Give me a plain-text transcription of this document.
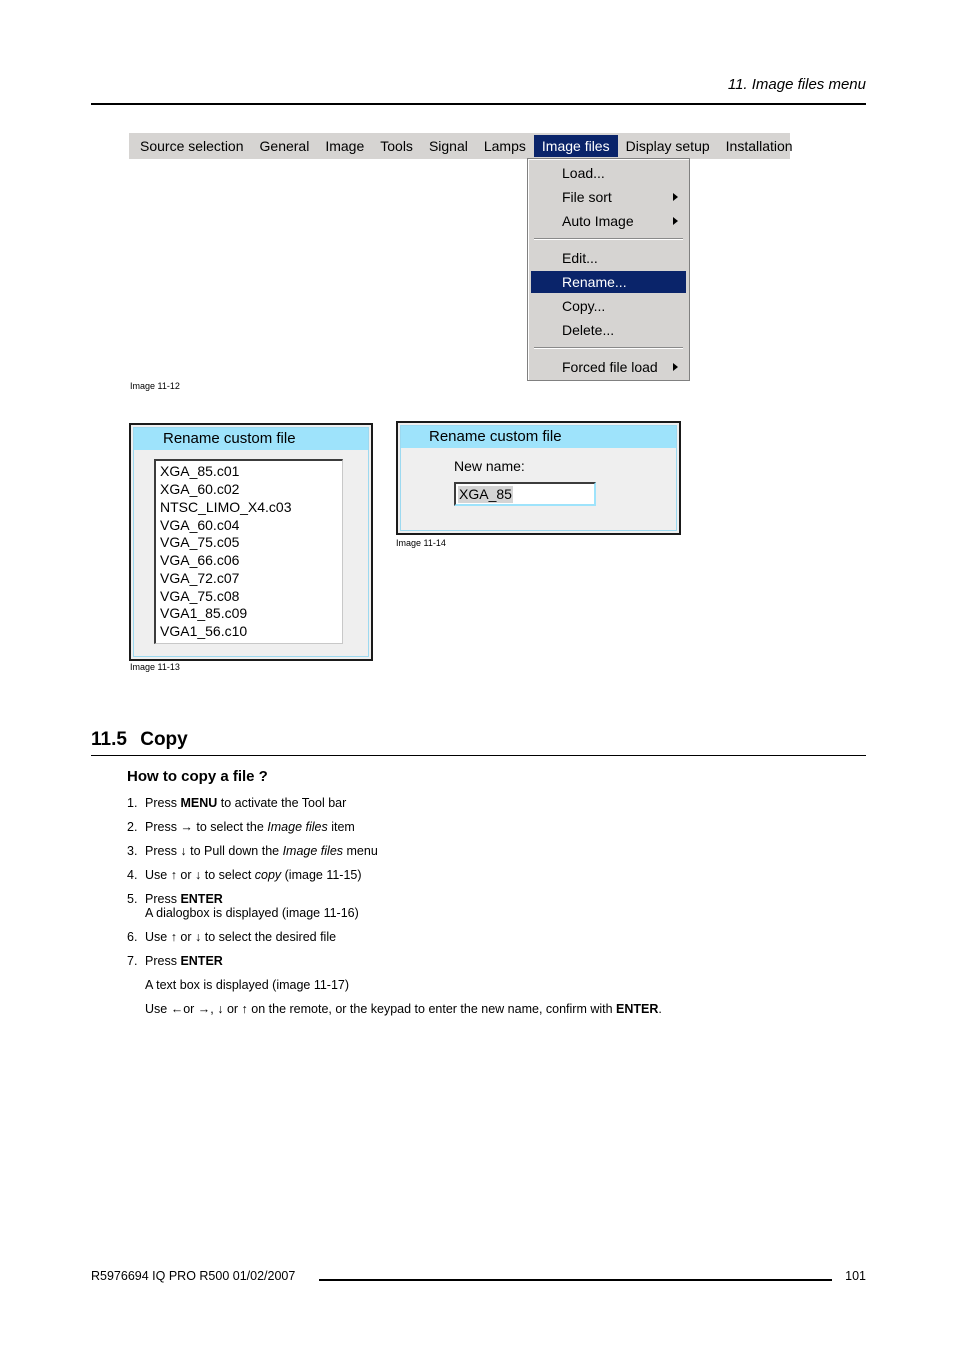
11. Image files menu
Source selection	General	Image	Tools	Signal	Lamps	Image files	Display setup	Installation
Load...
File sort
Auto Image
Edit...
Rename...
Copy...
Delete...
Forced file load
Image 11-12
Rename custom file
XGA_85.c01
XGA_60.c02
NTSC_LIMO_X4.c03
VGA_60.c04
VGA_75.c05
VGA_66.c06
VGA_72.c07
VGA_75.c08
VGA1_85.c09
VGA1_56.c10
Image 11-13
Rename custom file
New name:
XGA_85
Image 11-14
11.5 Copy
How to copy a file ?
1. Press MENU to activate the Tool bar
2. Press → to select the Image files item
3. Press ↓ to Pull down the Image files menu
4. Use ↑ or ↓ to select copy (image 11-15)
5. Press ENTER
A dialogbox is displayed (image 11-16)
6. Use ↑ or ↓ to select the desired file
7. Press ENTER
A text box is displayed (image 11-17)
Use ←or →, ↓ or ↑ on the remote, or the keypad to enter the new name, confirm with ENTER.
R5976694 IQ PRO R500 01/02/2007	101
